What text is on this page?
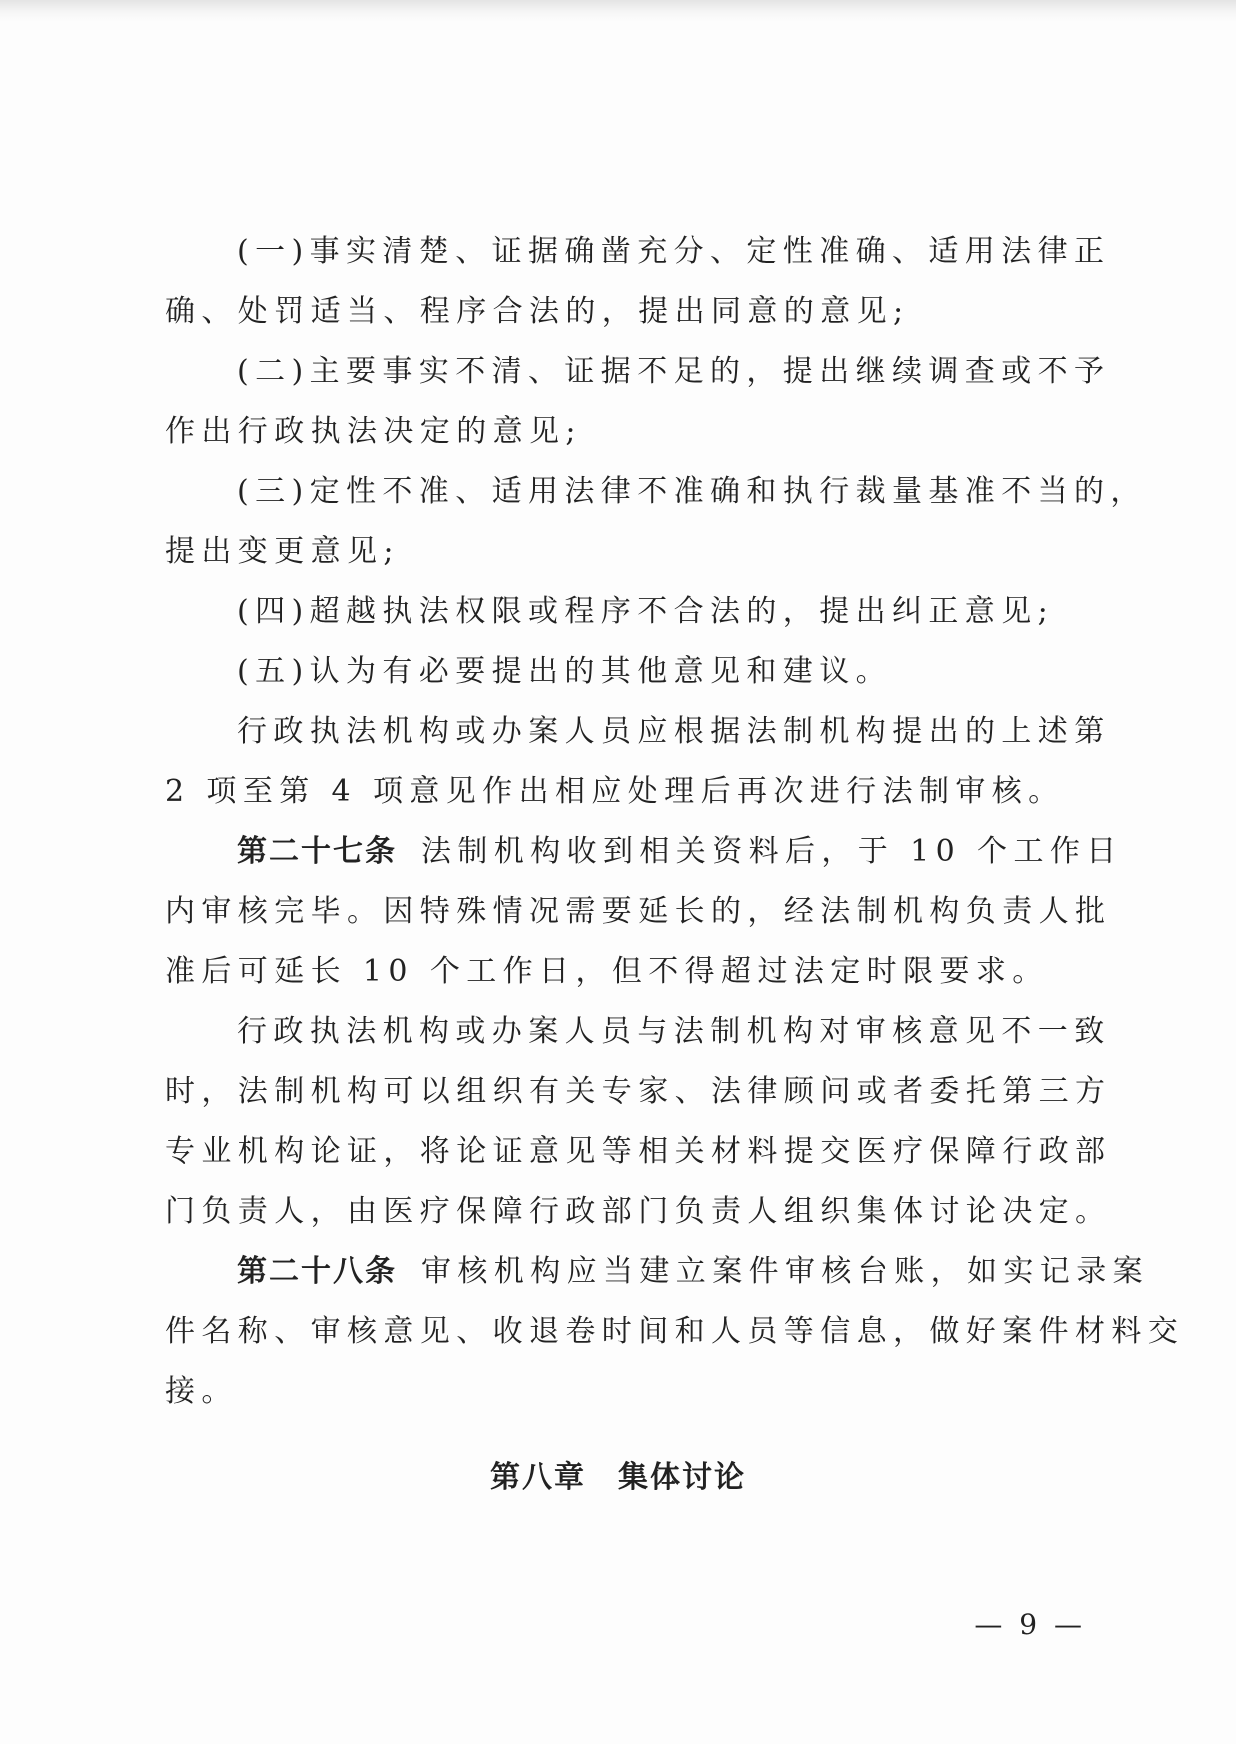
(一)事实清楚、证据确凿充分、定性准确、适用法律正
确、处罚适当、程序合法的，提出同意的意见;
(二)主要事实不清、证据不足的，提出继续调查或不予
作出行政执法决定的意见;
(三)定性不准、适用法律不准确和执行裁量基准不当的，
提出变更意见;
(四)超越执法权限或程序不合法的，提出纠正意见;
(五)认为有必要提出的其他意见和建议。
行政执法机构或办案人员应根据法制机构提出的上述第
2 项至第 4 项意见作出相应处理后再次进行法制审核。
第二十七条 法制机构收到相关资料后，于 10 个工作日
内审核完毕。因特殊情况需要延长的，经法制机构负责人批
准后可延长 10 个工作日，但不得超过法定时限要求。
行政执法机构或办案人员与法制机构对审核意见不一致
时，法制机构可以组织有关专家、法律顾问或者委托第三方
专业机构论证，将论证意见等相关材料提交医疗保障行政部
门负责人，由医疗保障行政部门负责人组织集体讨论决定。
第二十八条 审核机构应当建立案件审核台账，如实记录案
件名称、审核意见、收退卷时间和人员等信息，做好案件材料交
接。
第八章　集体讨论
— 9 —
